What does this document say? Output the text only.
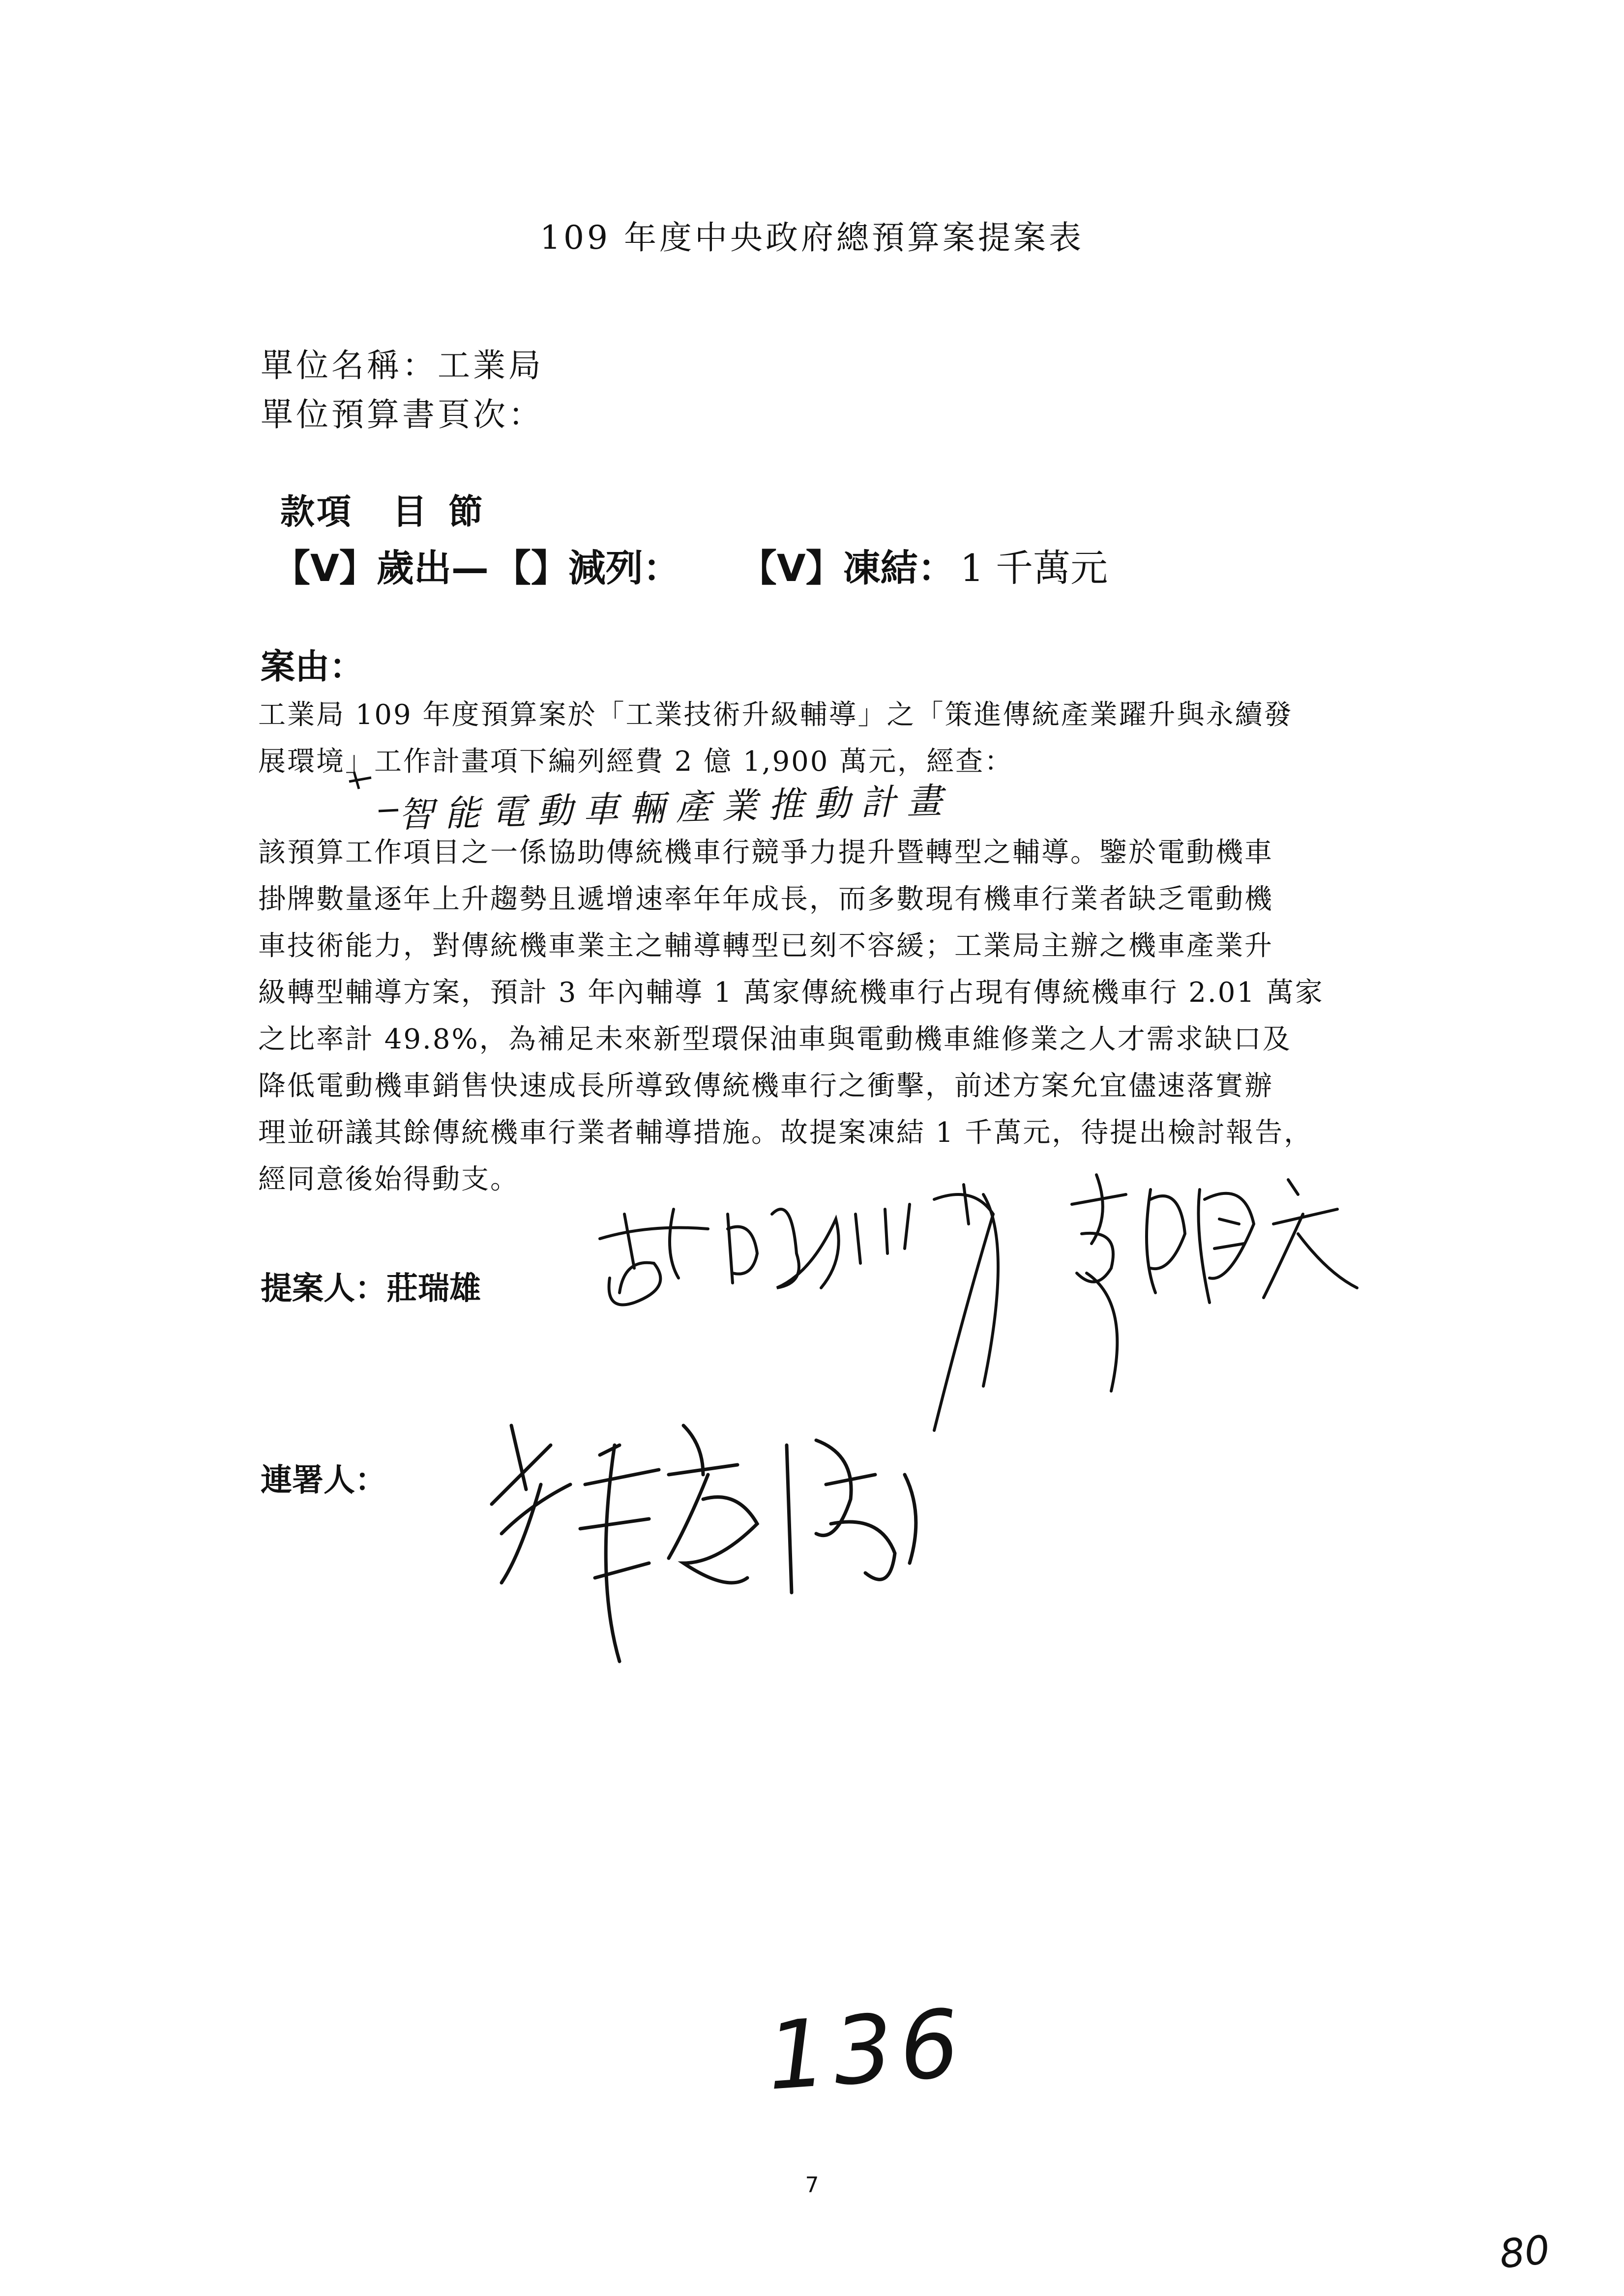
109 年度中央政府總預算案提案表
單位名稱：工業局
單位預算書頁次：
款項 目 節
【V】歲出— 【】減列： 【V】凍結： 1 千萬元
案由：
工業局 109 年度預算案於「工業技術升級輔導」之「策進傳統產業躍升與永續發
展環境」工作計畫項下編列經費 2 億 1,900 萬元，經查：
智能電動車輛產業推動計畫
該預算工作項目之一係協助傳統機車行競爭力提升暨轉型之輔導。鑒於電動機車
掛牌數量逐年上升趨勢且遞增速率年年成長，而多數現有機車行業者缺乏電動機
車技術能力，對傳統機車業主之輔導轉型已刻不容緩；工業局主辦之機車產業升
級轉型輔導方案，預計 3 年內輔導 1 萬家傳統機車行占現有傳統機車行 2.01 萬家
之比率計 49.8%，為補足未來新型環保油車與電動機車維修業之人才需求缺口及
降低電動機車銷售快速成長所導致傳統機車行之衝擊，前述方案允宜儘速落實辦
理並研議其餘傳統機車行業者輔導措施。故提案凍結 1 千萬元，待提出檢討報告，
經同意後始得動支。
提案人：莊瑞雄
連署人：
136
7
80
